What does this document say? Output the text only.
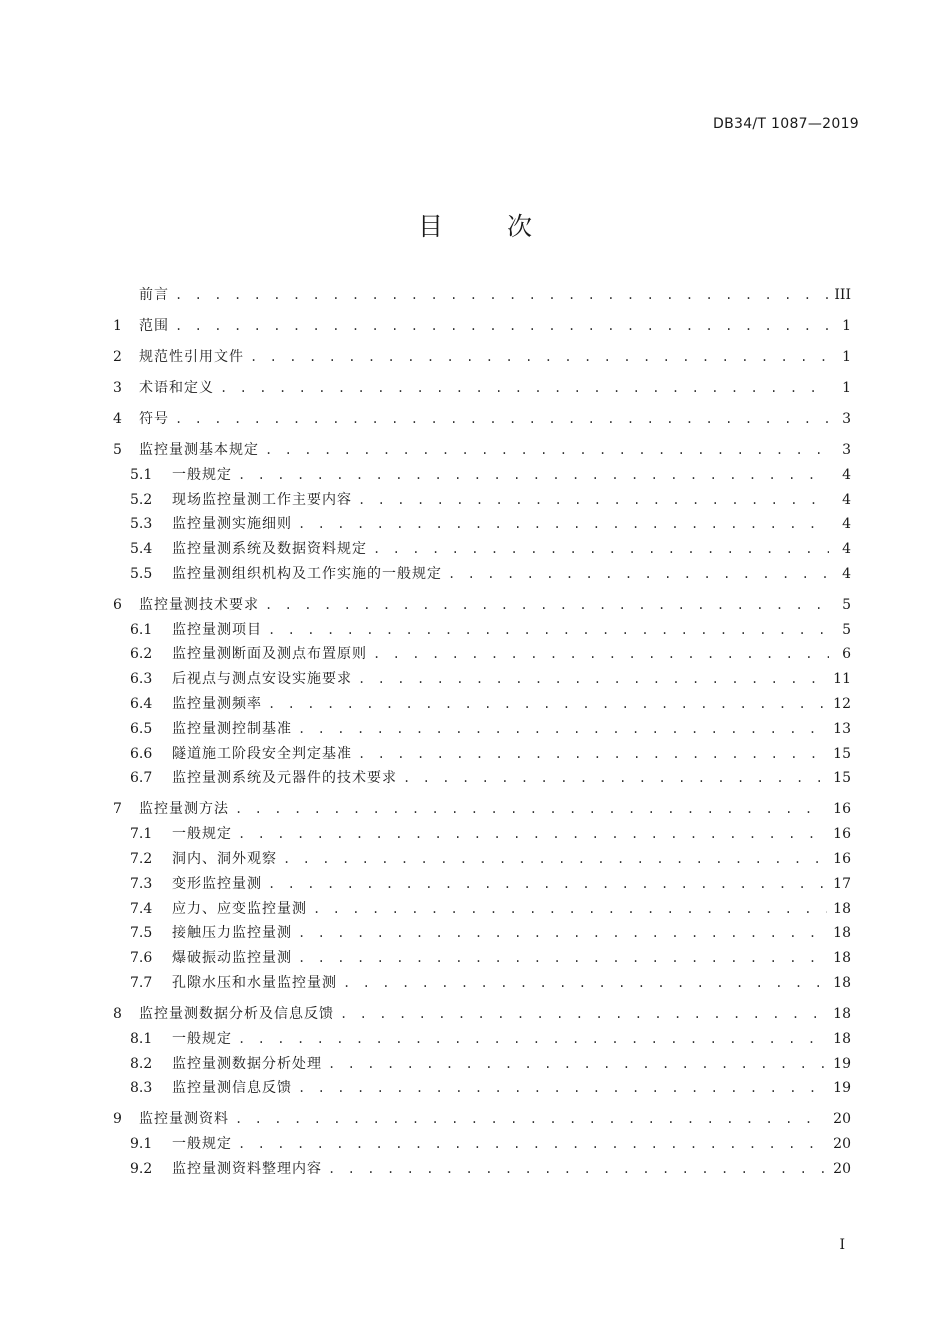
DB34/T 1087—2019
目 次
前言 . . .	III
1	范围 . . .	1
2	规范性引用文件 . . .	1
3	术语和定义 . . .	1
4	符号 . . .	3
5	监控量测基本规定 . . .	3
5.1	一般规定 . . .	4
5.2	现场监控量测工作主要内容 . . .	4
5.3	监控量测实施细则 . . .	4
5.4	监控量测系统及数据资料规定 . . .	4
5.5	监控量测组织机构及工作实施的一般规定 . . .	4
6	监控量测技术要求 . . .	5
6.1	监控量测项目 . . .	5
6.2	监控量测断面及测点布置原则 . . .	6
6.3	后视点与测点安设实施要求 . . .	11
6.4	监控量测频率 . . .	12
6.5	监控量测控制基准 . . .	13
6.6	隧道施工阶段安全判定基准 . . .	15
6.7	监控量测系统及元器件的技术要求 . . .	15
7	监控量测方法 . . .	16
7.1	一般规定 . . .	16
7.2	洞内、洞外观察 . . .	16
7.3	变形监控量测 . . .	17
7.4	应力、应变监控量测 . . .	18
7.5	接触压力监控量测 . . .	18
7.6	爆破振动监控量测 . . .	18
7.7	孔隙水压和水量监控量测 . . .	18
8	监控量测数据分析及信息反馈 . . .	18
8.1	一般规定 . . .	18
8.2	监控量测数据分析处理 . . .	19
8.3	监控量测信息反馈 . . .	19
9	监控量测资料 . . .	20
9.1	一般规定 . . .	20
9.2	监控量测资料整理内容 . . .	20
I
